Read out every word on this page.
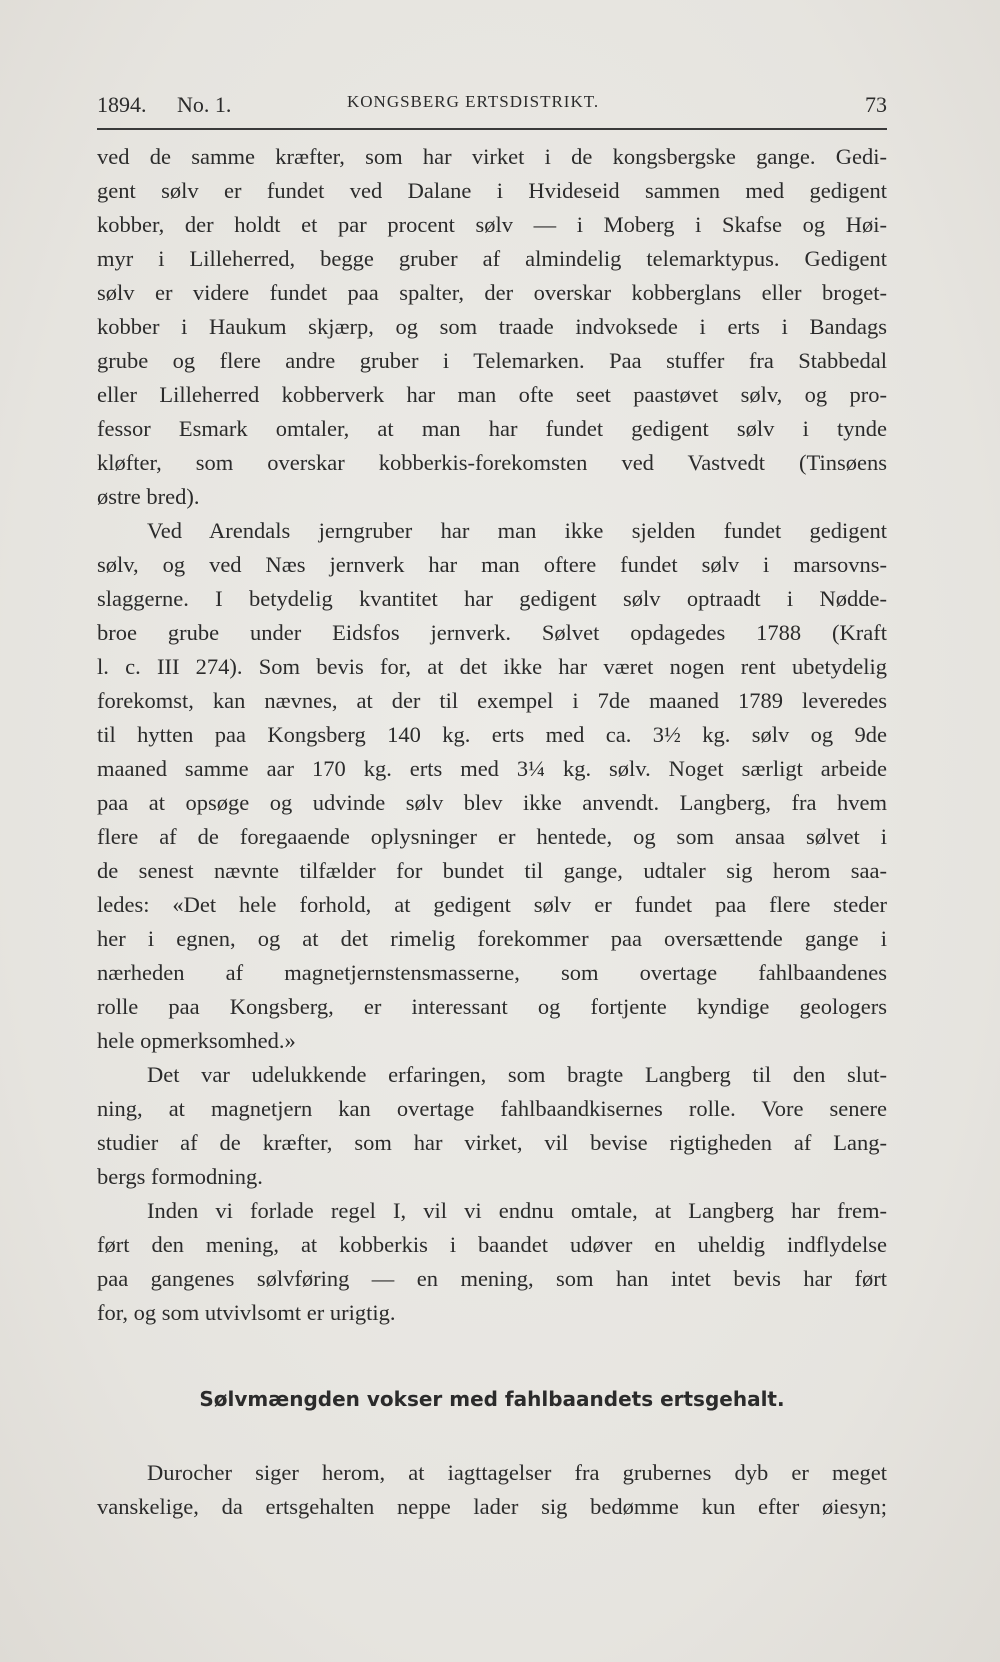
1894. No. 1.	KONGSBERG ERTSDISTRIKT.	73
ved de samme kræfter, som har virket i de kongsbergske gange. Gedi-
gent sølv er fundet ved Dalane i Hvideseid sammen med gedigent
kobber, der holdt et par procent sølv — i Moberg i Skafse og Høi-
myr i Lilleherred, begge gruber af almindelig telemarktypus. Gedigent
sølv er videre fundet paa spalter, der overskar kobberglans eller broget-
kobber i Haukum skjærp, og som traade indvoksede i erts i Bandags
grube og flere andre gruber i Telemarken. Paa stuffer fra Stabbedal
eller Lilleherred kobberverk har man ofte seet paastøvet sølv, og pro-
fessor Esmark omtaler, at man har fundet gedigent sølv i tynde
kløfter, som overskar kobberkis-forekomsten ved Vastvedt (Tinsøens
østre bred).
Ved Arendals jerngruber har man ikke sjelden fundet gedigent
sølv, og ved Næs jernverk har man oftere fundet sølv i marsovns-
slaggerne. I betydelig kvantitet har gedigent sølv optraadt i Nødde-
broe grube under Eidsfos jernverk. Sølvet opdagedes 1788 (Kraft
l. c. III 274). Som bevis for, at det ikke har været nogen rent ubetydelig
forekomst, kan nævnes, at der til exempel i 7de maaned 1789 leveredes
til hytten paa Kongsberg 140 kg. erts med ca. 3½ kg. sølv og 9de
maaned samme aar 170 kg. erts med 3¼ kg. sølv. Noget særligt arbeide
paa at opsøge og udvinde sølv blev ikke anvendt. Langberg, fra hvem
flere af de foregaaende oplysninger er hentede, og som ansaa sølvet i
de senest nævnte tilfælder for bundet til gange, udtaler sig herom saa-
ledes: «Det hele forhold, at gedigent sølv er fundet paa flere steder
her i egnen, og at det rimelig forekommer paa oversættende gange i
nærheden af magnetjernstensmasserne, som overtage fahlbaandenes
rolle paa Kongsberg, er interessant og fortjente kyndige geologers
hele opmerksomhed.»
Det var udelukkende erfaringen, som bragte Langberg til den slut-
ning, at magnetjern kan overtage fahlbaandkisernes rolle. Vore senere
studier af de kræfter, som har virket, vil bevise rigtigheden af Lang-
bergs formodning.
Inden vi forlade regel I, vil vi endnu omtale, at Langberg har frem-
ført den mening, at kobberkis i baandet udøver en uheldig indflydelse
paa gangenes sølvføring — en mening, som han intet bevis har ført
for, og som utvivlsomt er urigtig.
Sølvmængden vokser med fahlbaandets ertsgehalt.
Durocher siger herom, at iagttagelser fra grubernes dyb er meget
vanskelige, da ertsgehalten neppe lader sig bedømme kun efter øiesyn;
